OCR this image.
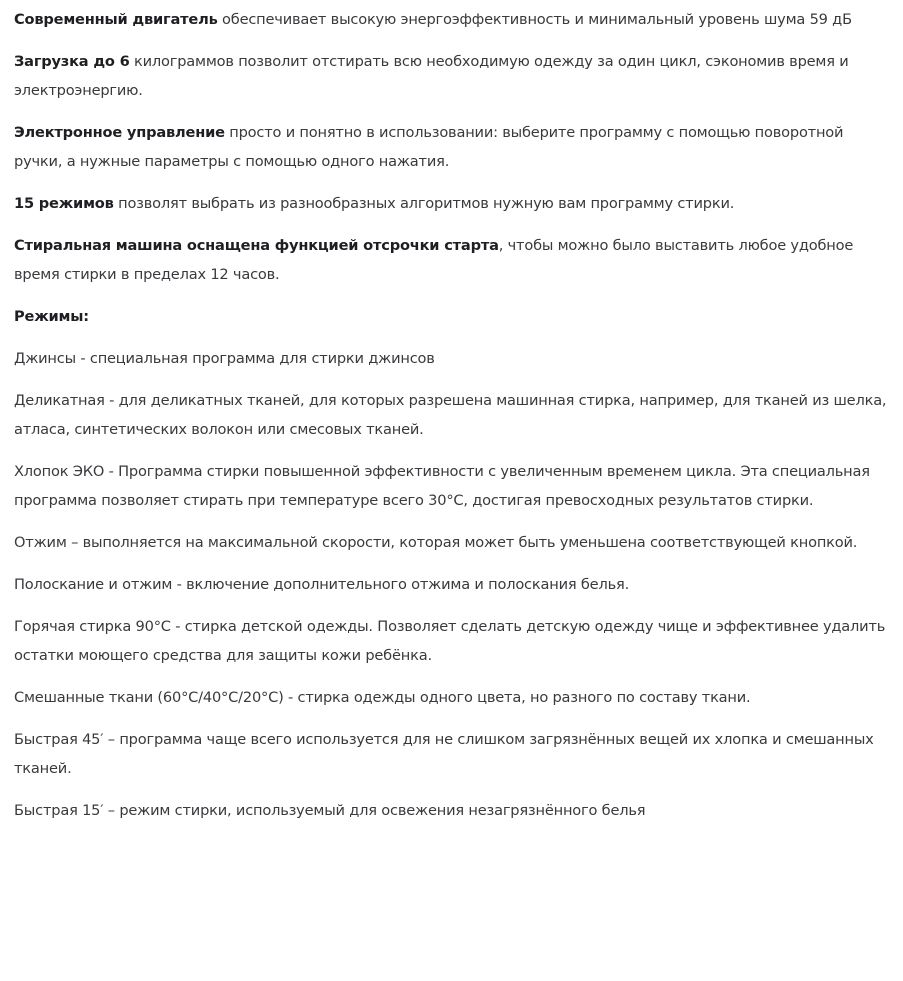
Современный двигатель обеспечивает высокую энергоэффективность и минимальный уровень шума 59 дБ

Загрузка до 6 килограммов позволит отстирать всю необходимую одежду за один цикл, сэкономив время и электроэнергию.

Электронное управление просто и понятно в использовании: выберите программу с помощью поворотной ручки, а нужные параметры с помощью одного нажатия.

15 режимов позволят выбрать из разнообразных алгоритмов нужную вам программу стирки.

Стиральная машина оснащена функцией отсрочки старта, чтобы можно было выставить любое удобное время стирки в пределах 12 часов.

Режимы:

Джинсы - специальная программа для стирки джинсов

Деликатная - для деликатных тканей, для которых разрешена машинная стирка, например, для тканей из шелка, атласа, синтетических волокон или смесовых тканей.

Хлопок ЭКО - Программа стирки повышенной эффективности с увеличенным временем цикла. Эта специальная программа позволяет стирать при температуре всего 30°C, достигая превосходных результатов стирки.

Отжим – выполняется на максимальной скорости, которая может быть уменьшена соответствующей кнопкой.

Полоскание и отжим - включение дополнительного отжима и полоскания белья.

Горячая стирка 90°С - стирка детской одежды. Позволяет сделать детскую одежду чище и эффективнее удалить остатки моющего средства для защиты кожи ребёнка.

Смешанные ткани (60°С/40°С/20°С) - стирка одежды одного цвета, но разного по составу ткани.

Быстрая 45′ – программа чаще всего используется для не слишком загрязнённых вещей их хлопка и смешанных тканей.

Быстрая 15′ – режим стирки, используемый для освежения незагрязнённого белья
